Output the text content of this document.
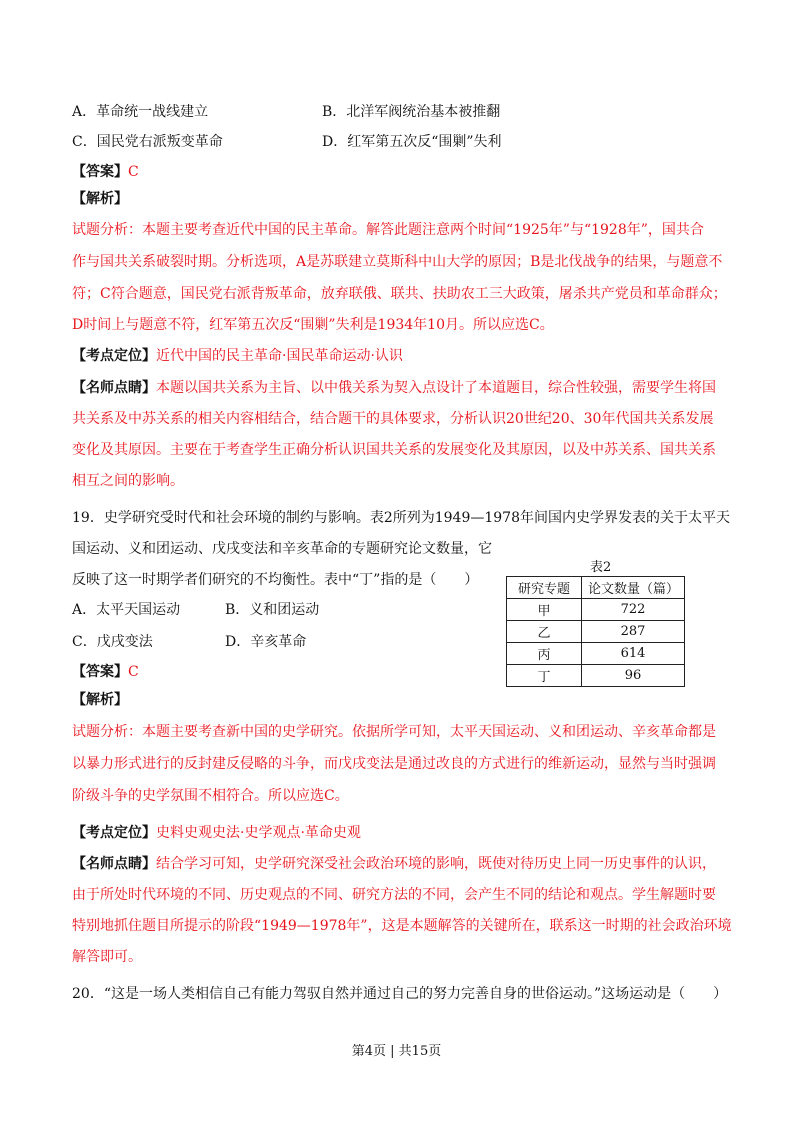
A．革命统一战线建立	B．北洋军阀统治基本被推翻
C．国民党右派叛变革命	D．红军第五次反“围剿”失利
【答案】C
【解析】
试题分析：本题主要考查近代中国的民主革命。解答此题注意两个时间“1925年”与“1928年”，国共合
作与国共关系破裂时期。分析选项，A是苏联建立莫斯科中山大学的原因；B是北伐战争的结果，与题意不
符；C符合题意，国民党右派背叛革命，放弃联俄、联共、扶助农工三大政策，屠杀共产党员和革命群众；
D时间上与题意不符，红军第五次反“围剿”失利是1934年10月。所以应选C。
【考点定位】近代中国的民主革命·国民革命运动·认识
【名师点睛】本题以国共关系为主旨、以中俄关系为契入点设计了本道题目，综合性较强，需要学生将国
共关系及中苏关系的相关内容相结合，结合题干的具体要求，分析认识20世纪20、30年代国共关系发展
变化及其原因。主要在于考查学生正确分析认识国共关系的发展变化及其原因，以及中苏关系、国共关系
相互之间的影响。
19．史学研究受时代和社会环境的制约与影响。表2所列为1949—1978年间国内史学界发表的关于太平天
国运动、义和团运动、戊戌变法和辛亥革命的专题研究论文数量，它
反映了这一时期学者们研究的不均衡性。表中“丁”指的是（　　）
A．太平天国运动	B．义和团运动
C．戊戌变法	D．辛亥革命
表2
研究专题	论文数量（篇）
甲	722
乙	287
丙	614
丁	96
【答案】C
【解析】
试题分析：本题主要考查新中国的史学研究。依据所学可知，太平天国运动、义和团运动、辛亥革命都是
以暴力形式进行的反封建反侵略的斗争，而戊戌变法是通过改良的方式进行的维新运动，显然与当时强调
阶级斗争的史学氛围不相符合。所以应选C。
【考点定位】史料史观史法·史学观点·革命史观
【名师点睛】结合学习可知，史学研究深受社会政治环境的影响，既使对待历史上同一历史事件的认识，
由于所处时代环境的不同、历史观点的不同、研究方法的不同，会产生不同的结论和观点。学生解题时要
特别地抓住题目所提示的阶段“1949—1978年”，这是本题解答的关键所在，联系这一时期的社会政治环境
解答即可。
20．“这是一场人类相信自己有能力驾驭自然并通过自己的努力完善自身的世俗运动。”这场运动是（　　）
第4页 | 共15页
